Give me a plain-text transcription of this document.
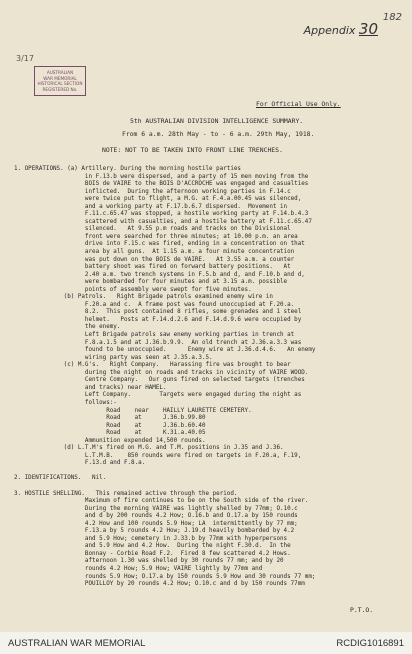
182
Appendix 30
3/17
AUSTRALIAN
WAR MEMORIAL
HISTORICAL SECTION
REGISTERED No.
For Official Use Only.
5th AUSTRALIAN DIVISION INTELLIGENCE SUMMARY.
From 6 a.m. 28th May - to - 6 a.m. 29th May, 1918.
NOTE: NOT TO BE TAKEN INTO FRONT LINE TRENCHES.
1. OPERATIONS. (a) Artillery. During the morning hostile parties
in F.13.b were dispersed, and a party of 15 men moving from the
BOIS de VAIRE to the BOIS D'ACCROCHE was engaged and casualties
inflicted.  During the afternoon working parties in F.14.c
were twice put to flight, a M.G. at F.4.a.00.45 was silenced,
and a working party at F.17.b.6.7 dispersed.  Movement in
F.11.c.65.47 was stopped, a hostile working party at F.14.b.4.3
scattered with casualties, and a hostile battery at F.11.c.65.47
silenced.   At 9.55 p.m roads and tracks on the Divisional
front were searched for three minutes; at 10.00 p.m. an area
drive into F.15.c was fired, ending in a concentration on that
area by all guns.  At 1.15 a.m. a four minute concentration
was put down on the BOIS de VAIRE.   At 3.55 a.m. a counter
battery shoot was fired on forward battery positions.   At
2.40 a.m. two trench systems in F.5.b and d, and F.10.b and d,
were bombarded for four minutes and at 3.15 a.m. possible
points of assembly were swept for five minutes.
(b) Patrols.   Right Brigade patrols examined enemy wire in
F.20.a and c.  A frame post was found unoccupied at F.20.a.
8.2.  This post contained 8 rifles, some grenades and 1 steel
helmet.   Posts at F.14.d.2.6 and F.14.d.9.6 were occupied by
the enemy.
Left Brigade patrols saw enemy working parties in trench at
F.8.a.1.5 and at J.36.b.9.9.  An old trench at J.36.a.3.3 was
found to be unoccupied.      Enemy wire at J.36.d.4.6.   An enemy
wiring party was seen at J.35.a.3.5.
(c) M.G's.   Right Company.   Harassing fire was brought to bear
during the night on roads and tracks in vicinity of VAIRE WOOD.
Centre Company.   Our guns fired on selected targets (trenches
and tracks) near HAMEL.
Left Company.        Targets were engaged during the night as
follows:-
Road    near    HAILLY LAURETTE CEMETERY.
Road    at      J.36.b.99.80
Road    at      J.36.b.60.40
Road    at      K.31.a.40.05
Ammunition expended 14,500 rounds.
(d) L.T.M's fired on M.G. and T.M. positions in J.35 and J.36.
L.T.M.B.    850 rounds were fired on targets in F.20.a, F.19,
F.13.d and F.8.a.
2. IDENTIFICATIONS.   Nil.
3. HOSTILE SHELLING.   This remained active through the period.
Maximum of fire continues to be on the South side of the river.
During the morning VAIRE was lightly shelled by 77mm; O.10.c
and d by 200 rounds 4.2 How; O.16.b and O.17.a by 150 rounds
4.2 How and 100 rounds 5.9 How; LA  intermittently by 77 mm;
F.13.a by 5 rounds 4.2 How; J.19.d heavily bombarded by 4.2
and 5.9 How; cemetery in J.33.b by 77mm with hyperpersons
and 5.9 How and 4.2 How.  During the night F.30.d.  In the
Bonnay - Corbie Road F.2.  Fired 8 few scattered 4.2 Hows.
afternoon 1.30 was shelled by 30 rounds 77 mm; and by 20
rounds 4.2 How; 5.9 How; VAIRE lightly by 77mm and
rounds 5.9 How; O.17.a by 150 rounds 5.9 How and 30 rounds 77 mm;
POUILLOY by 20 rounds 4.2 How; O.10.c and d by 150 rounds 77mm
P.T.O.
AUSTRALIAN WAR MEMORIAL	RCDIG1016891
